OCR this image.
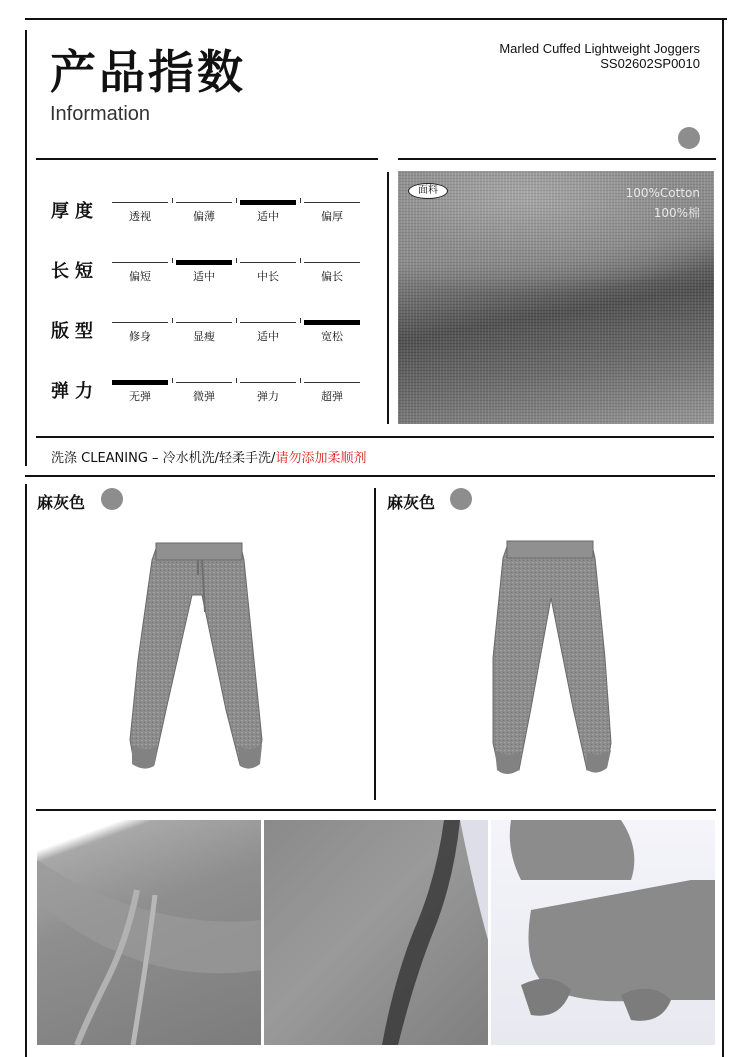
产品指数
Information
Marled Cuffed Lightweight Joggers
SS02602SP0010
厚度	透视	偏薄	适中	偏厚
长短	偏短	适中	中长	偏长
版型	修身	显瘦	适中	宽松
弹力	无弹	微弹	弹力	超弹
面料	100%Cotton
100%棉
洗涤 CLEANING – 冷水机洗/轻柔手洗/请勿添加柔顺剂
麻灰色	麻灰色
